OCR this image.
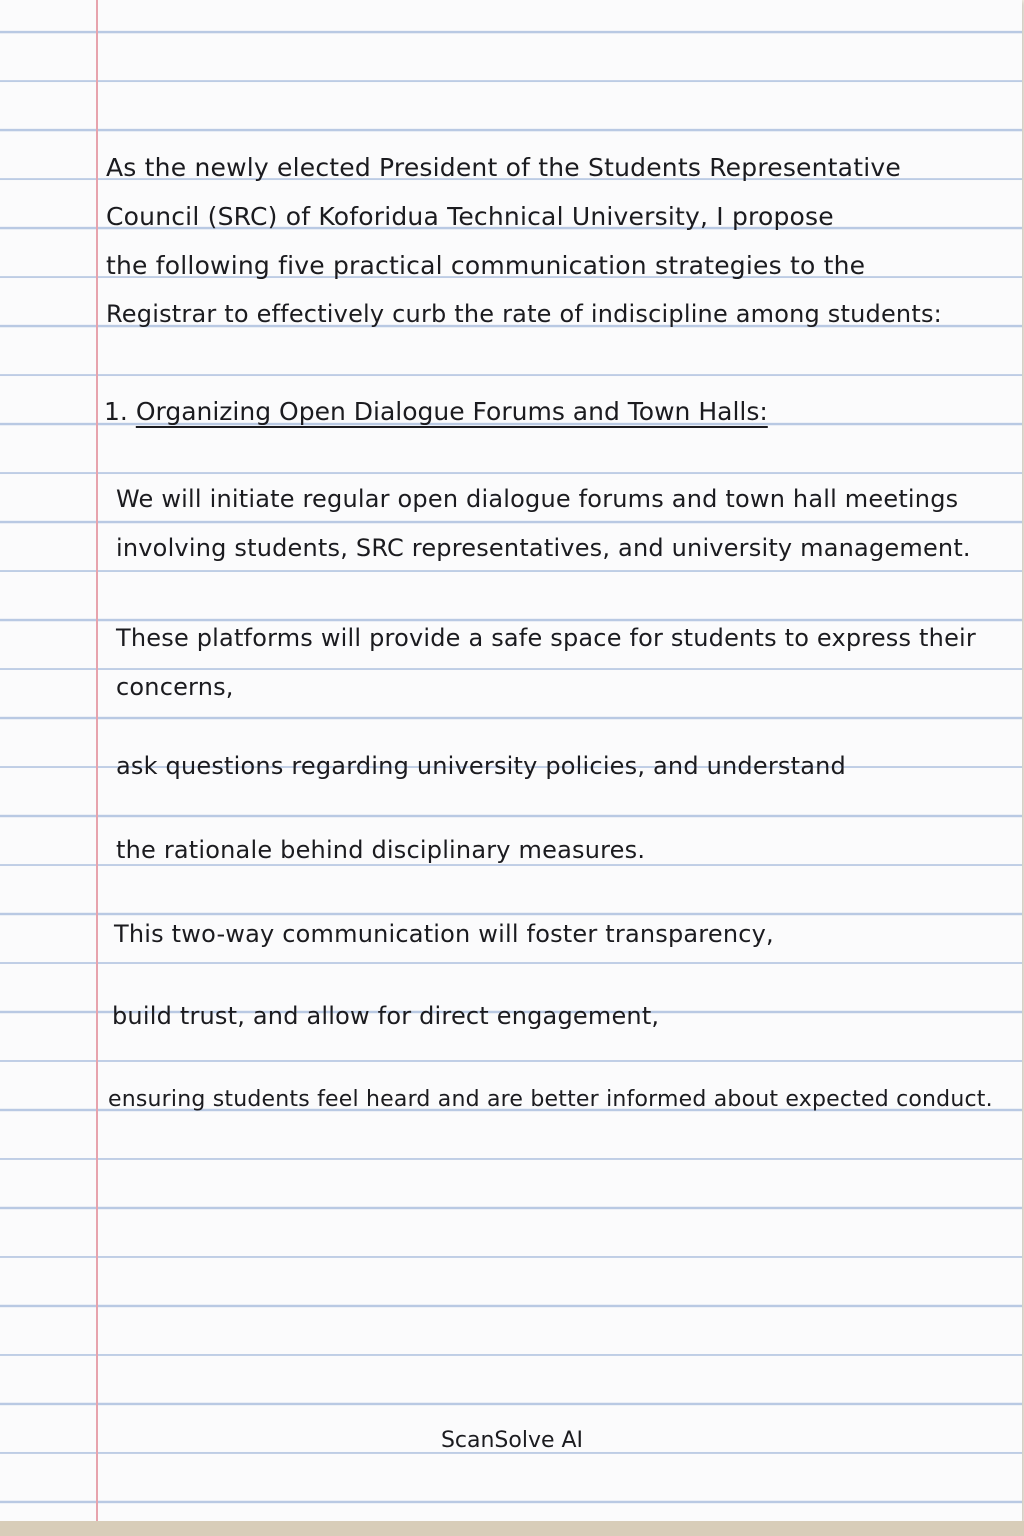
As the newly elected President of the Students Representative

Council (SRC) of Koforidua Technical University, I propose

the following five practical communication strategies to the

Registrar to effectively curb the rate of indiscipline among students:

1. Organizing Open Dialogue Forums and Town Halls:

We will initiate regular open dialogue forums and town hall meetings

involving students, SRC representatives, and university management.

These platforms will provide a safe space for students to express their

concerns,

ask questions regarding university policies, and understand

the rationale behind disciplinary measures.

This two-way communication will foster transparency,

build trust, and allow for direct engagement,

ensuring students feel heard and are better informed about expected conduct.

ScanSolve AI
